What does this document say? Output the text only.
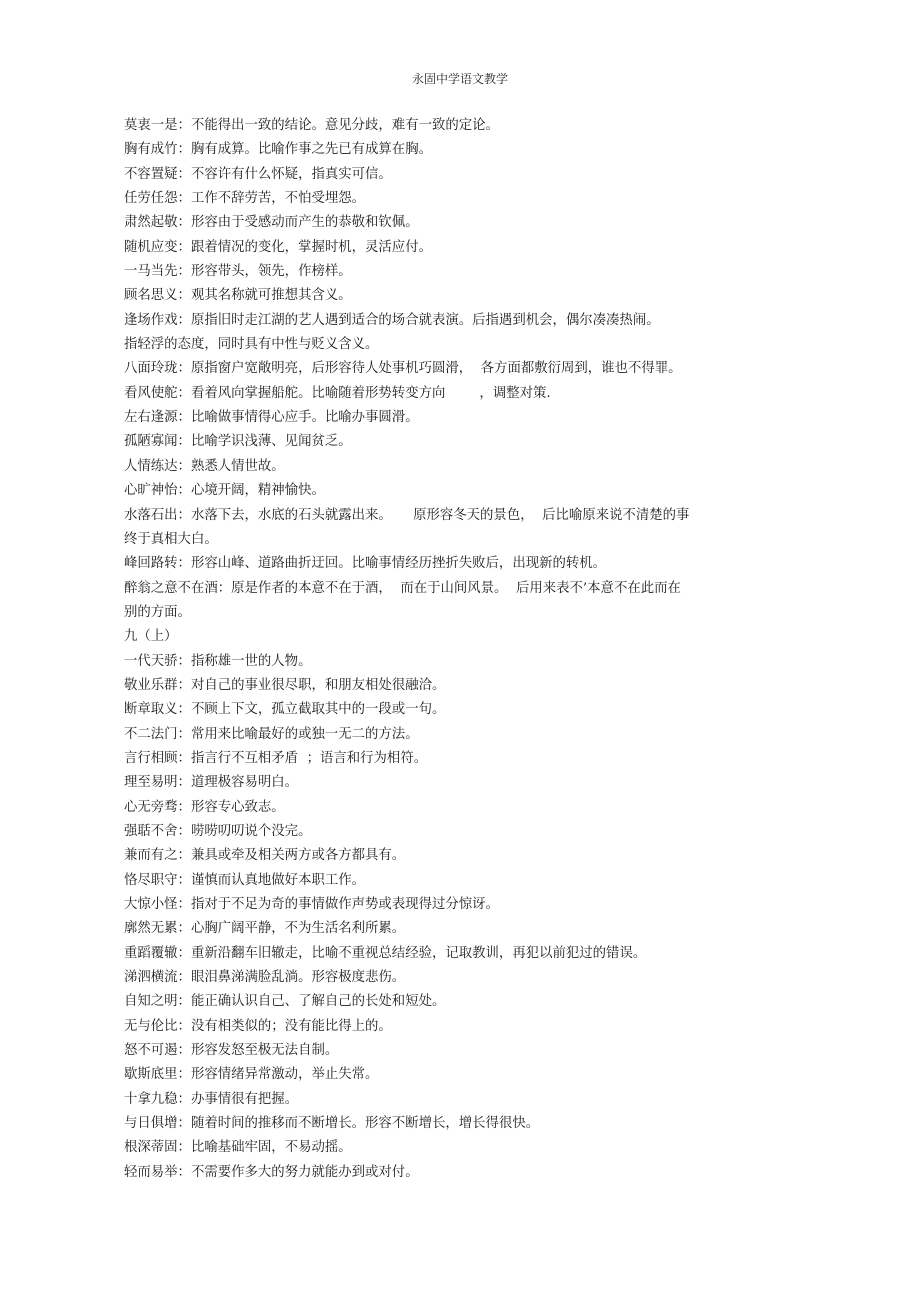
永固中学语文教学
莫衷一是：不能得出一致的结论。意见分歧，难有一致的定论。
胸有成竹：胸有成算。比喻作事之先已有成算在胸。
不容置疑：不容许有什么怀疑，指真实可信。
任劳任怨：工作不辞劳苦，不怕受埋怨。
肃然起敬：形容由于受感动而产生的恭敬和钦佩。
随机应变：跟着情况的变化，掌握时机，灵活应付。
一马当先：形容带头，领先，作榜样。
顾名思义：观其名称就可推想其含义。
逢场作戏：原指旧时走江湖的艺人遇到适合的场合就表演。后指遇到机会，偶尔凑凑热闹。
指轻浮的态度，同时具有中性与贬义含义。
八面玲珑：原指窗户宽敞明亮，后形容待人处事机巧圆滑，  各方面都敷衍周到，谁也不得罪。
看风使舵：看着风向掌握船舵。比喻随着形势转变方向        ，调整对策.
左右逢源：比喻做事情得心应手。比喻办事圆滑。
孤陋寡闻：比喻学识浅薄、见闻贫乏。
人情练达：熟悉人情世故。
心旷神怡：心境开阔，精神愉快。
水落石出：水落下去，水底的石头就露出来。     原形容冬天的景色，  后比喻原来说不清楚的事
终于真相大白。
峰回路转：形容山峰、道路曲折迂回。比喻事情经历挫折失败后，出现新的转机。
醉翁之意不在酒：原是作者的本意不在于酒，  而在于山间风景。  后用来表不’本意不在此而在
别的方面。
九（上）
一代天骄：指称雄一世的人物。
敬业乐群：对自己的事业很尽职，和朋友相处很融洽。
断章取义：不顾上下文，孤立截取其中的一段或一句。
不二法门：常用来比喻最好的或独一无二的方法。
言行相顾：指言行不互相矛盾  ；语言和行为相符。
理至易明：道理极容易明白。
心无旁骛：形容专心致志。
强聒不舍：唠唠叨叨说个没完。
兼而有之：兼具或牵及相关两方或各方都具有。
恪尽职守：谨慎而认真地做好本职工作。
大惊小怪：指对于不足为奇的事情做作声势或表现得过分惊讶。
廓然无累：心胸广阔平静，不为生活名利所累。
重蹈覆辙：重新沿翻车旧辙走，比喻不重视总结经验，记取教训，再犯以前犯过的错误。
涕泗横流：眼泪鼻涕满脸乱淌。形容极度悲伤。
自知之明：能正确认识自己、了解自己的长处和短处。
无与伦比：没有相类似的；没有能比得上的。
怒不可遏：形容发怒至极无法自制。
歇斯底里：形容情绪异常激动，举止失常。
十拿九稳：办事情很有把握。
与日俱增：随着时间的推移而不断增长。形容不断增长，增长得很快。
根深蒂固：比喻基础牢固，不易动摇。
轻而易举：不需要作多大的努力就能办到或对付。
